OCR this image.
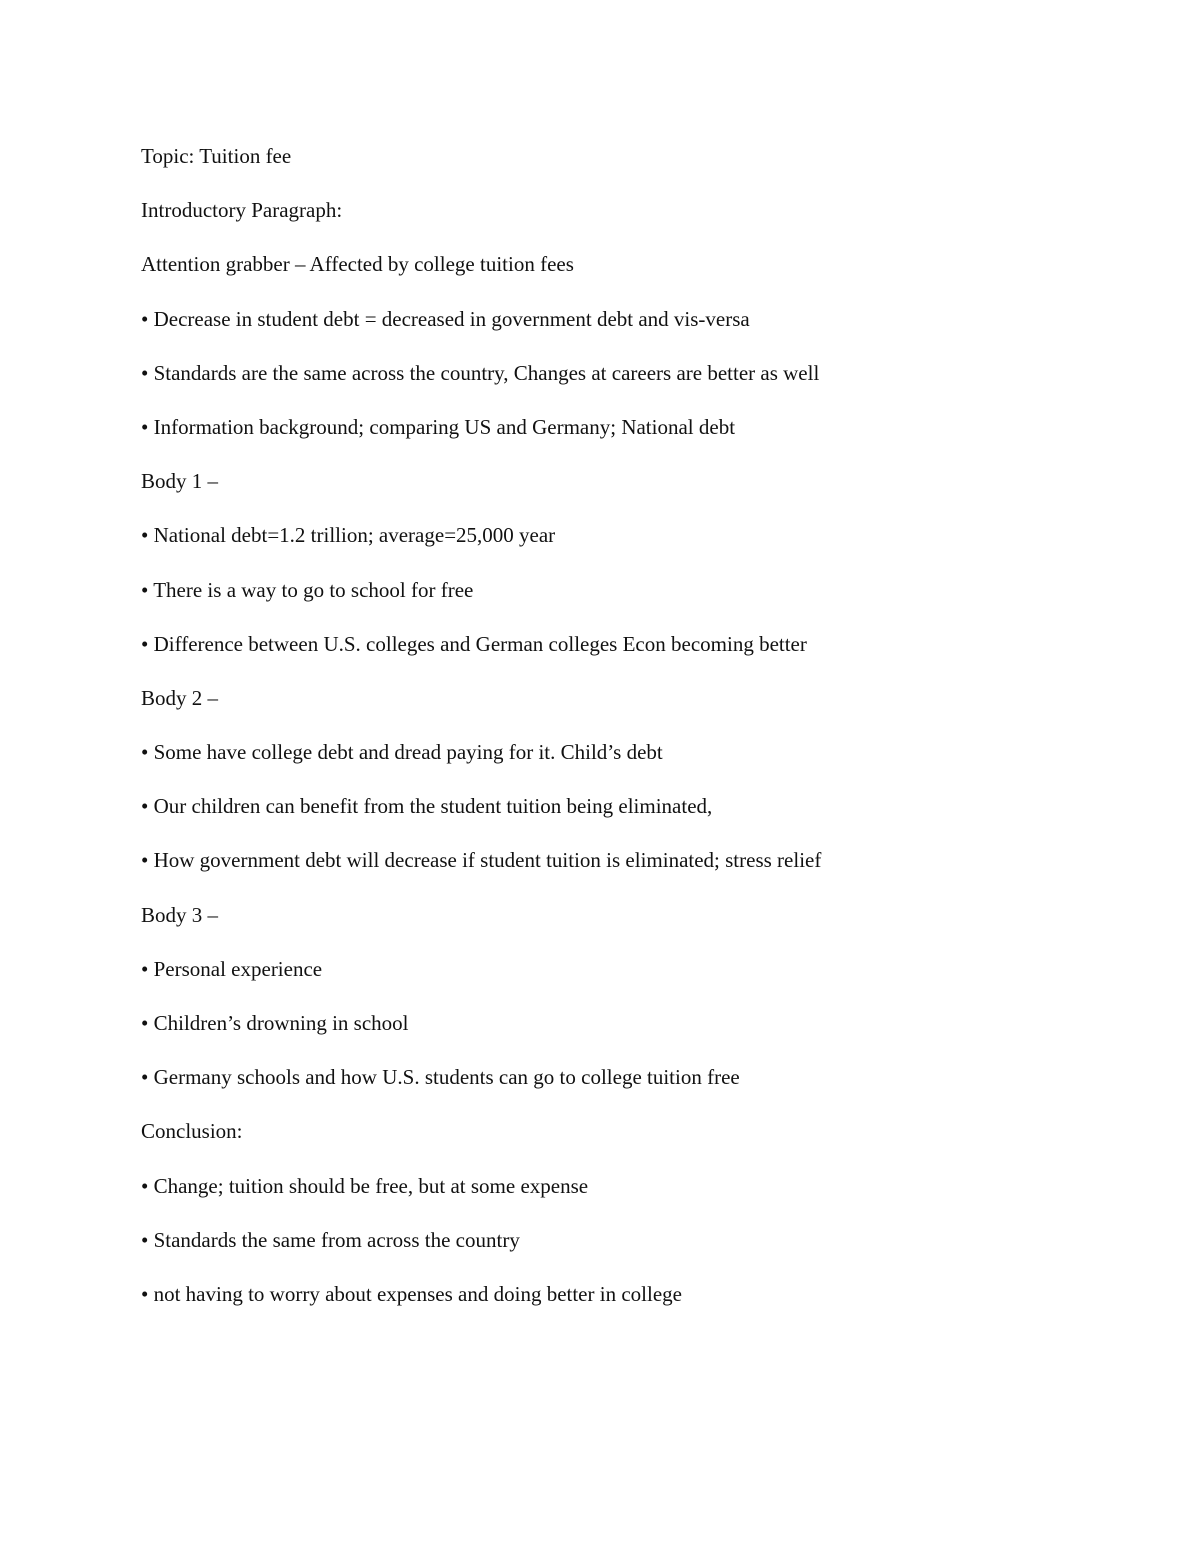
Topic: Tuition fee
Introductory Paragraph:
Attention grabber – Affected by college tuition fees
• Decrease in student debt = decreased in government debt and vis-versa
• Standards are the same across the country, Changes at careers are better as well
• Information background; comparing US and Germany; National debt
Body 1 –
• National debt=1.2 trillion; average=25,000 year
• There is a way to go to school for free
• Difference between U.S. colleges and German colleges Econ becoming better
Body 2 –
• Some have college debt and dread paying for it. Child’s debt
• Our children can benefit from the student tuition being eliminated,
• How government debt will decrease if student tuition is eliminated; stress relief
Body 3 –
• Personal experience
• Children’s drowning in school
• Germany schools and how U.S. students can go to college tuition free
Conclusion:
• Change; tuition should be free, but at some expense
• Standards the same from across the country
• not having to worry about expenses and doing better in college
